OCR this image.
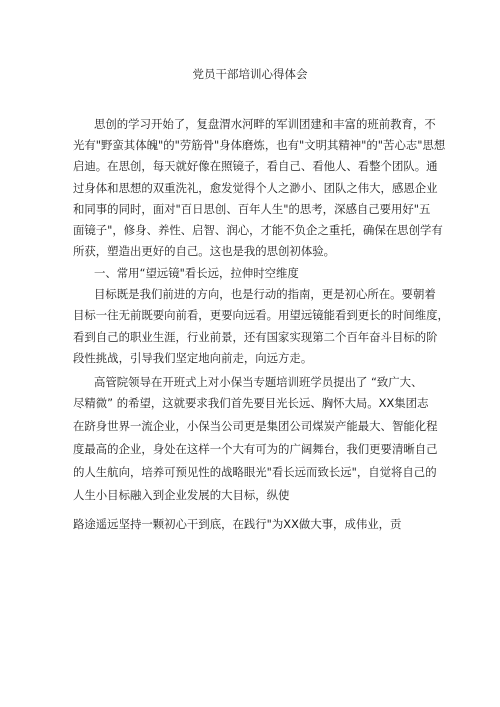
党员干部培训心得体会
思创的学习开始了，复盘渭水河畔的军训团建和丰富的班前教育，不
光有"野蛮其体魄"的"劳筋骨"身体磨炼，也有"文明其精神"的"苦心志"思想
启迪。在思创，每天就好像在照镜子，看自己、看他人、看整个团队。通
过身体和思想的双重洗礼，愈发觉得个人之渺小、团队之伟大，感恩企业
和同事的同时，面对"百日思创、百年人生"的思考，深感自己要用好"五
面镜子"，修身、养性、启智、润心，才能不负企之重托，确保在思创学有
所获，塑造出更好的自己。这也是我的思创初体验。
一、常用“望远镜"看长远，拉伸时空维度
目标既是我们前进的方向，也是行动的指南，更是初心所在。要朝着
目标一往无前既要向前看，更要向远看。用望远镜能看到更长的时间维度，
看到自己的职业生涯，行业前景，还有国家实现第二个百年奋斗目标的阶
段性挑战，引导我们坚定地向前走，向远方走。
高管院领导在开班式上对小保当专题培训班学员提出了 “致广大、
尽精微” 的希望，这就要求我们首先要目光长远、胸怀大局。XX集团志
在跻身世界一流企业，小保当公司更是集团公司煤炭产能最大、智能化程
度最高的企业，身处在这样一个大有可为的广阔舞台，我们更要清晰自己
的人生航向，培养可预见性的战略眼光"看长远而致长远"，自觉将自己的
人生小目标融入到企业发展的大目标，纵使
路途遥远坚持一颗初心干到底，在践行"为XX做大事，成伟业，贡
